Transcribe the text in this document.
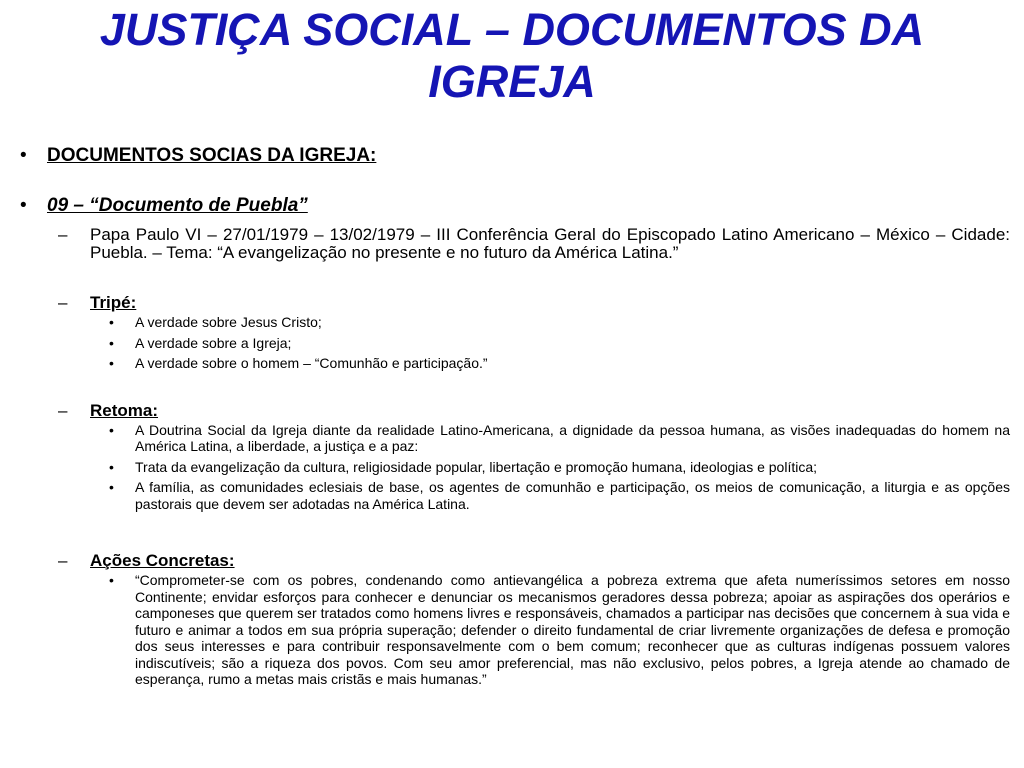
JUSTIÇA SOCIAL – DOCUMENTOS DA IGREJA

• DOCUMENTOS SOCIAS DA IGREJA:

• 09 – “Documento de Puebla”

– Papa Paulo VI – 27/01/1979 – 13/02/1979 – III Conferência Geral do Episcopado Latino Americano – México – Cidade: Puebla. – Tema: “A evangelização no presente e no futuro da América Latina.”

– Tripé:

• A verdade sobre Jesus Cristo;

• A verdade sobre a Igreja;

• A verdade sobre o homem – “Comunhão e participação.”

– Retoma:

• A Doutrina Social da Igreja diante da realidade Latino-Americana, a dignidade da pessoa humana, as visões inadequadas do homem na América Latina, a liberdade, a justiça e a paz:

• Trata da evangelização da cultura, religiosidade popular, libertação e promoção humana, ideologias e política;

• A família, as comunidades eclesiais de base, os agentes de comunhão e participação, os meios de comunicação, a liturgia e as opções pastorais que devem ser adotadas na América Latina.

– Ações Concretas:

• “Comprometer-se com os pobres, condenando como antievangélica a pobreza extrema que afeta numeríssimos setores em nosso Continente; envidar esforços para conhecer e denunciar os mecanismos geradores dessa pobreza; apoiar as aspirações dos operários e camponeses que querem ser tratados como homens livres e responsáveis, chamados a participar nas decisões que concernem à sua vida e futuro e animar a todos em sua própria superação; defender o direito fundamental de criar livremente organizações de defesa e promoção dos seus interesses e para contribuir responsavelmente com o bem comum; reconhecer que as culturas indígenas possuem valores indiscutíveis; são a riqueza dos povos. Com seu amor preferencial, mas não exclusivo, pelos pobres, a Igreja atende ao chamado de esperança, rumo a metas mais cristãs e mais humanas.”
